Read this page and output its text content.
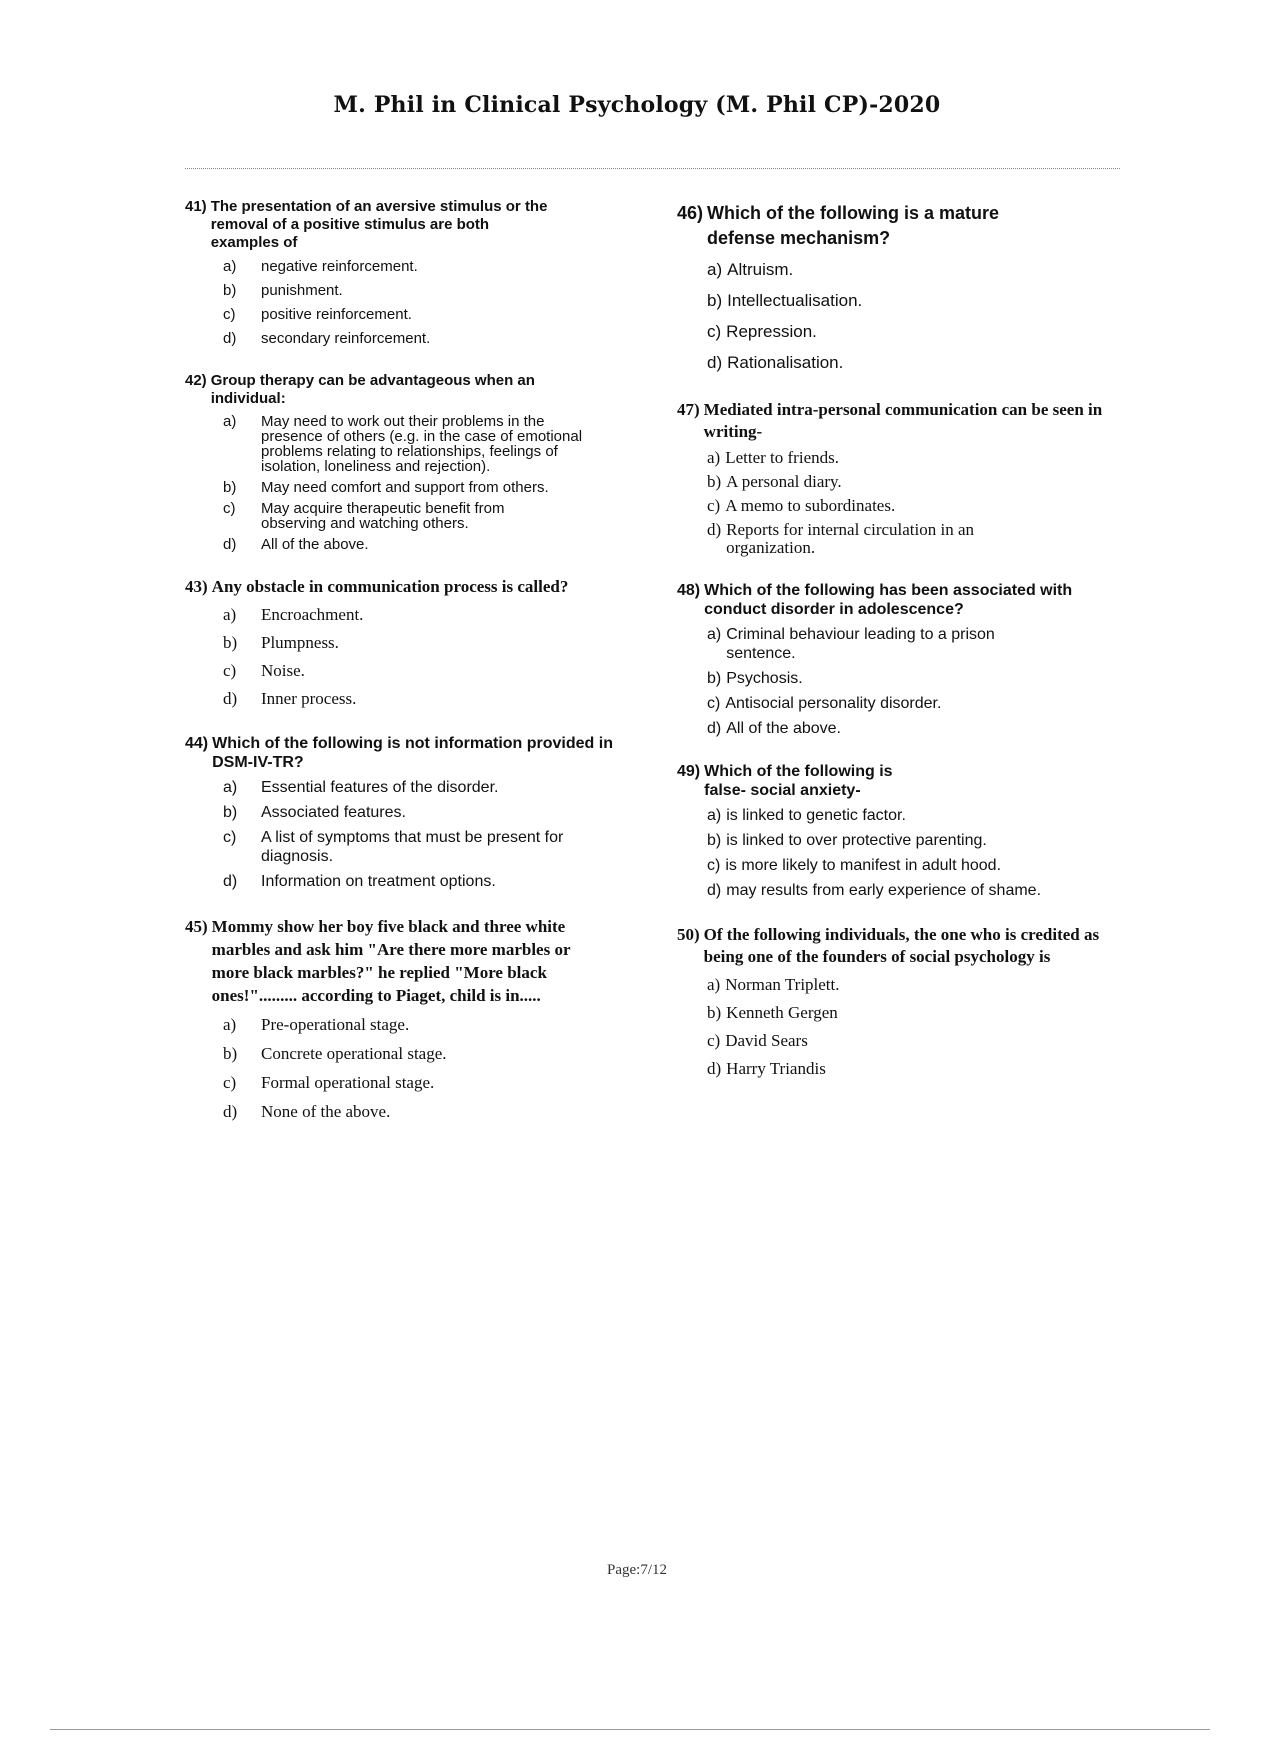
M. Phil in Clinical Psychology (M. Phil CP)-2020
41) The presentation of an aversive stimulus or the removal of a positive stimulus are both examples of
a)	negative reinforcement.
b)	punishment.
c)	positive reinforcement.
d)	secondary reinforcement.
42) Group therapy can be advantageous when an individual:
a)	May need to work out their problems in the presence of others (e.g. in the case of emotional problems relating to relationships, feelings of isolation, loneliness and rejection).
b)	May need comfort and support from others.
c)	May acquire therapeutic benefit from observing and watching others.
d)	All of the above.
43) Any obstacle in communication process is called?
a)	Encroachment.
b)	Plumpness.
c)	Noise.
d)	Inner process.
44) Which of the following is not information provided in DSM-IV-TR?
a)	Essential features of the disorder.
b)	Associated features.
c)	A list of symptoms that must be present for diagnosis.
d)	Information on treatment options.
45) Mommy show her boy five black and three white marbles and ask him "Are there more marbles or more black marbles?" he replied "More black ones!"......... according to Piaget, child is in.....
a)	Pre-operational stage.
b)	Concrete operational stage.
c)	Formal operational stage.
d)	None of the above.
46) Which of the following is a mature defense mechanism?
a) Altruism.
b) Intellectualisation.
c) Repression.
d) Rationalisation.
47) Mediated intra-personal communication can be seen in writing-
a) Letter to friends.
b) A personal diary.
c) A memo to subordinates.
d) Reports for internal circulation in an organization.
48) Which of the following has been associated with conduct disorder in adolescence?
a) Criminal behaviour leading to a prison sentence.
b) Psychosis.
c) Antisocial personality disorder.
d) All of the above.
49) Which of the following is false- social anxiety-
a) is linked to genetic factor.
b) is linked to over protective parenting.
c) is more likely to manifest in adult hood.
d) may results from early experience of shame.
50) Of the following individuals, the one who is credited as being one of the founders of social psychology is
a) Norman Triplett.
b) Kenneth Gergen
c) David Sears
d) Harry Triandis
Page:7/12
